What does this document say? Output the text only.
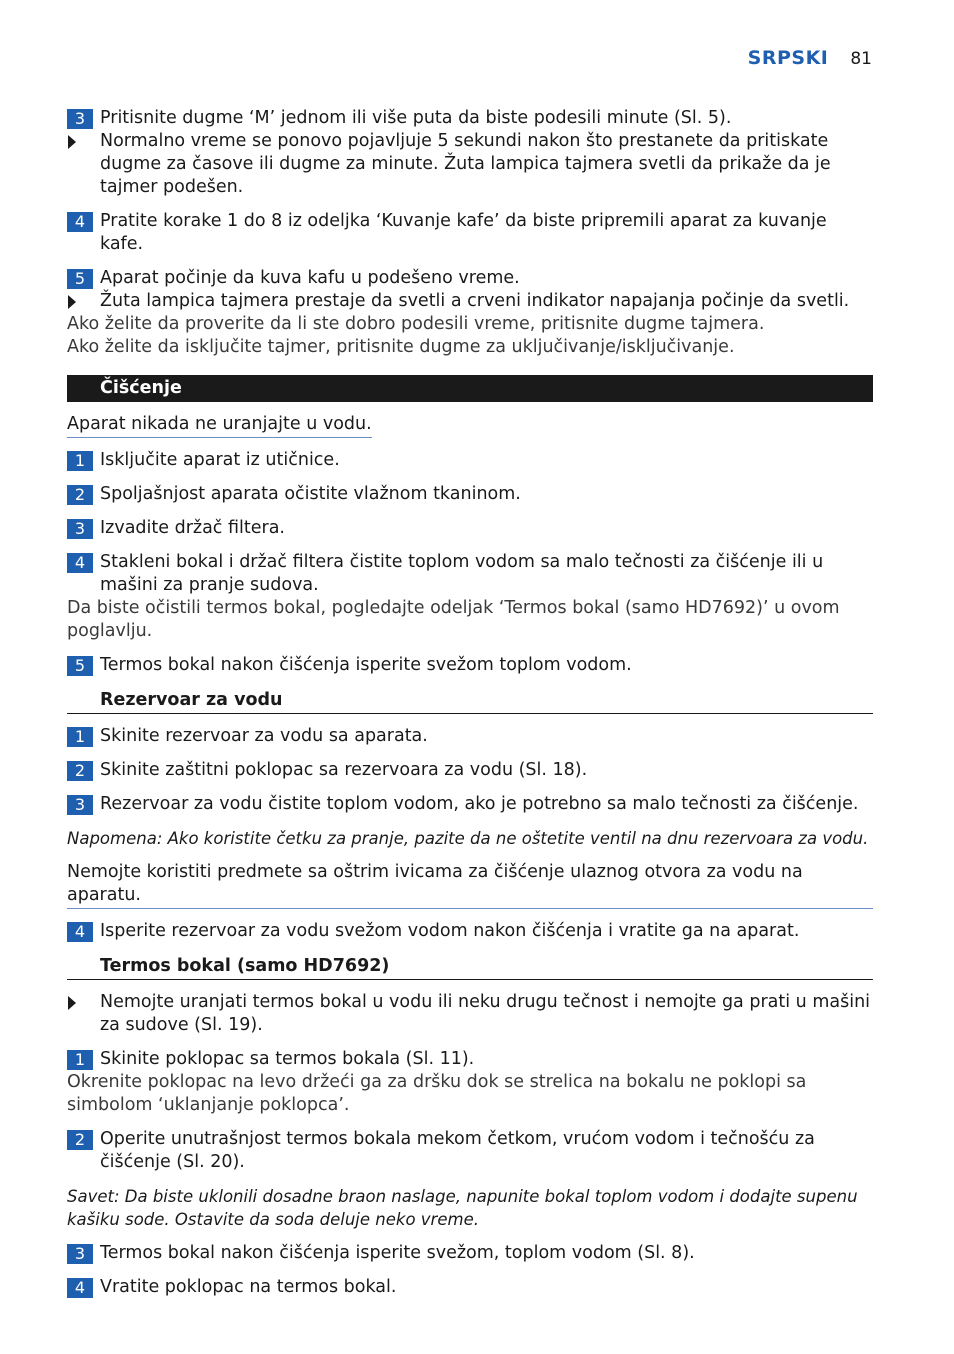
SRPSKI 81
3 Pritisnite dugme ‘M’ jednom ili više puta da biste podesili minute (Sl. 5).
Normalno vreme se ponovo pojavljuje 5 sekundi nakon što prestanete da pritiskate dugme za časove ili dugme za minute. Žuta lampica tajmera svetli da prikaže da je tajmer podešen.
4 Pratite korake 1 do 8 iz odeljka ‘Kuvanje kafe’ da biste pripremili aparat za kuvanje kafe.
5 Aparat počinje da kuva kafu u podešeno vreme.
Žuta lampica tajmera prestaje da svetli a crveni indikator napajanja počinje da svetli.
Ako želite da proverite da li ste dobro podesili vreme, pritisnite dugme tajmera.
Ako želite da isključite tajmer, pritisnite dugme za uključivanje/isključivanje.
Čišćenje
Aparat nikada ne uranjajte u vodu.
1 Isključite aparat iz utičnice.
2 Spoljašnjost aparata očistite vlažnom tkaninom.
3 Izvadite držač filtera.
4 Stakleni bokal i držač filtera čistite toplom vodom sa malo tečnosti za čišćenje ili u mašini za pranje sudova.
Da biste očistili termos bokal, pogledajte odeljak ‘Termos bokal (samo HD7692)’ u ovom poglavlju.
5 Termos bokal nakon čišćenja isperite svežom toplom vodom.
Rezervoar za vodu
1 Skinite rezervoar za vodu sa aparata.
2 Skinite zaštitni poklopac sa rezervoara za vodu (Sl. 18).
3 Rezervoar za vodu čistite toplom vodom, ako je potrebno sa malo tečnosti za čišćenje.
Napomena: Ako koristite četku za pranje, pazite da ne oštetite ventil na dnu rezervoara za vodu.
Nemojte koristiti predmete sa oštrim ivicama za čišćenje ulaznog otvora za vodu na aparatu.
4 Isperite rezervoar za vodu svežom vodom nakon čišćenja i vratite ga na aparat.
Termos bokal (samo HD7692)
Nemojte uranjati termos bokal u vodu ili neku drugu tečnost i nemojte ga prati u mašini za sudove (Sl. 19).
1 Skinite poklopac sa termos bokala (Sl. 11).
Okrenite poklopac na levo držeći ga za dršku dok se strelica na bokalu ne poklopi sa simbolom ‘uklanjanje poklopca’.
2 Operite unutrašnjost termos bokala mekom četkom, vrućom vodom i tečnošću za čišćenje (Sl. 20).
Savet: Da biste uklonili dosadne braon naslage, napunite bokal toplom vodom i dodajte supenu kašiku sode. Ostavite da soda deluje neko vreme.
3 Termos bokal nakon čišćenja isperite svežom, toplom vodom (Sl. 8).
4 Vratite poklopac na termos bokal.
